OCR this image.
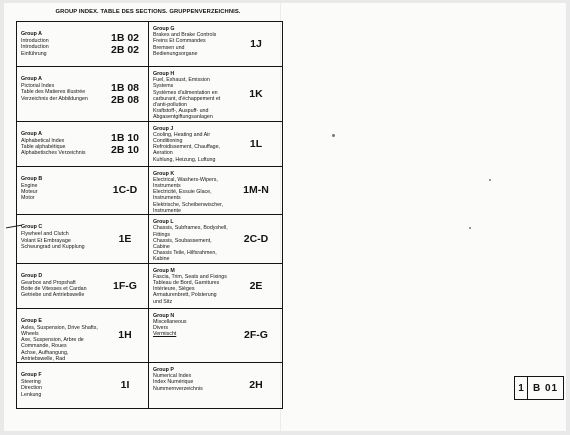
GROUP INDEX. TABLE DES SECTIONS. GRUPPENVERZEICHNIS.
Group A
Introduction
Introduction
Einführung
1B 02
2B 02
Group G
Brakes and Brake Controls
Freins Et Commandes
Bremsen und Bedienungsorgane
1J
Group A
Pictorial Index
Table des Matieres illustrée
Verzeichnis der Abbildungen
1B 08
2B 08
Group H
Fuel, Exhaust, Emission Systems
Systèmes d'alimentation en
carburant, d'échappement et
d'anti-pollution
Kraftstoff-, Auspuff- und
Abgasentgiftungsanlagen
1K
Group A
Alphabetical Index
Table alphabétique
Alphabetisches Verzeichnis
1B 10
2B 10
Group J
Cooling, Heating and Air
Conditioning
Refroidissement, Chauffage,
Aeration
Kuhlung, Heizung, Luftung
1L
Group B
Engine
Moteur
Motor
1C-D
Group K
Electrical, Washers-Wipers,
Instruments
Electricité, Essuie Glace,
Instruments
Elektrische, Scheibenwischer,
Instrumente
1M-N
Group C
Flywheel and Clutch
Volant Et Embrayage
Schwungrad und Kupplung
1E
Group L
Chassis, Subframes, Bodyshell,
Fittings
Chassis, Soubassement, Cabine
Chassis Teile, Hilfsrahmen,
Kabine
2C-D
Group D
Gearbox and Propshaft
Boite de Vitesses et Cardan
Getriebe und Antriebswelle
1F-G
Group M
Fascia, Trim, Seats and Fixings
Tableau de Bord, Garnitures
Intérieure, Sièges
Armaturenbrett, Polsterung
und Sitz
2E
Group E
Axles, Suspension, Drive Shafts,
Wheels
Axe, Suspension, Arbre de
Commande, Roues
Achse, Aufhangung,
Antriebswelle, Rad
1H
Group N
Miscellaneous
Divers
Vermischt	2F-G
Group F
Steering
Direction
Lenkung
1I
Group P
Numerical Index
Index Numérique
Nummernverzeichnis	2H	1 B 01
